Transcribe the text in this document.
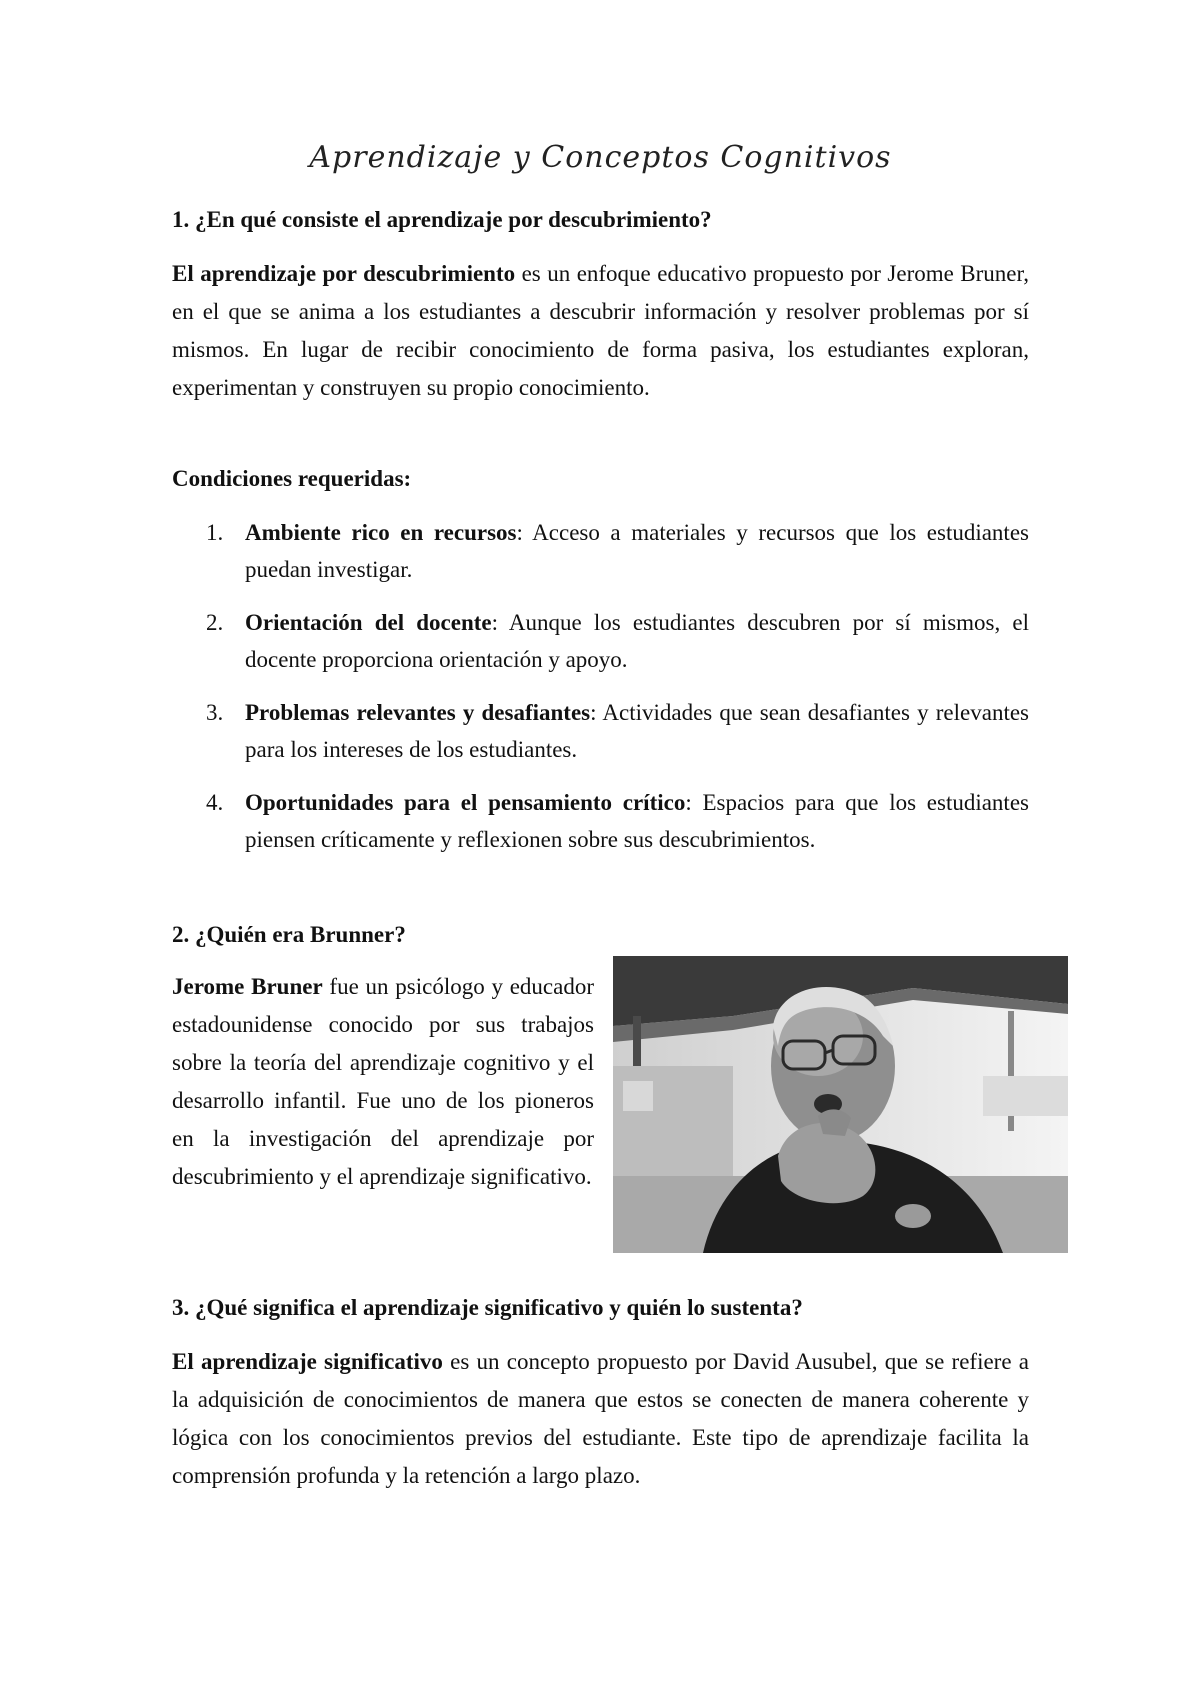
Aprendizaje y Conceptos Cognitivos
1. ¿En qué consiste el aprendizaje por descubrimiento?

El aprendizaje por descubrimiento es un enfoque educativo propuesto por Jerome Bruner, en el que se anima a los estudiantes a descubrir información y resolver problemas por sí mismos. En lugar de recibir conocimiento de forma pasiva, los estudiantes exploran, experimentan y construyen su propio conocimiento.

Condiciones requeridas:
1. Ambiente rico en recursos: Acceso a materiales y recursos que los estudiantes puedan investigar.
2. Orientación del docente: Aunque los estudiantes descubren por sí mismos, el docente proporciona orientación y apoyo.
3. Problemas relevantes y desafiantes: Actividades que sean desafiantes y relevantes para los intereses de los estudiantes.
4. Oportunidades para el pensamiento crítico: Espacios para que los estudiantes piensen críticamente y reflexionen sobre sus descubrimientos.
2. ¿Quién era Brunner?

Jerome Bruner fue un psicólogo y educador estadounidense conocido por sus trabajos sobre la teoría del aprendizaje cognitivo y el desarrollo infantil. Fue uno de los pioneros en la investigación del aprendizaje por descubrimiento y el aprendizaje significativo.

3. ¿Qué significa el aprendizaje significativo y quién lo sustenta?

El aprendizaje significativo es un concepto propuesto por David Ausubel, que se refiere a la adquisición de conocimientos de manera que estos se conecten de manera coherente y lógica con los conocimientos previos del estudiante. Este tipo de aprendizaje facilita la comprensión profunda y la retención a largo plazo.
